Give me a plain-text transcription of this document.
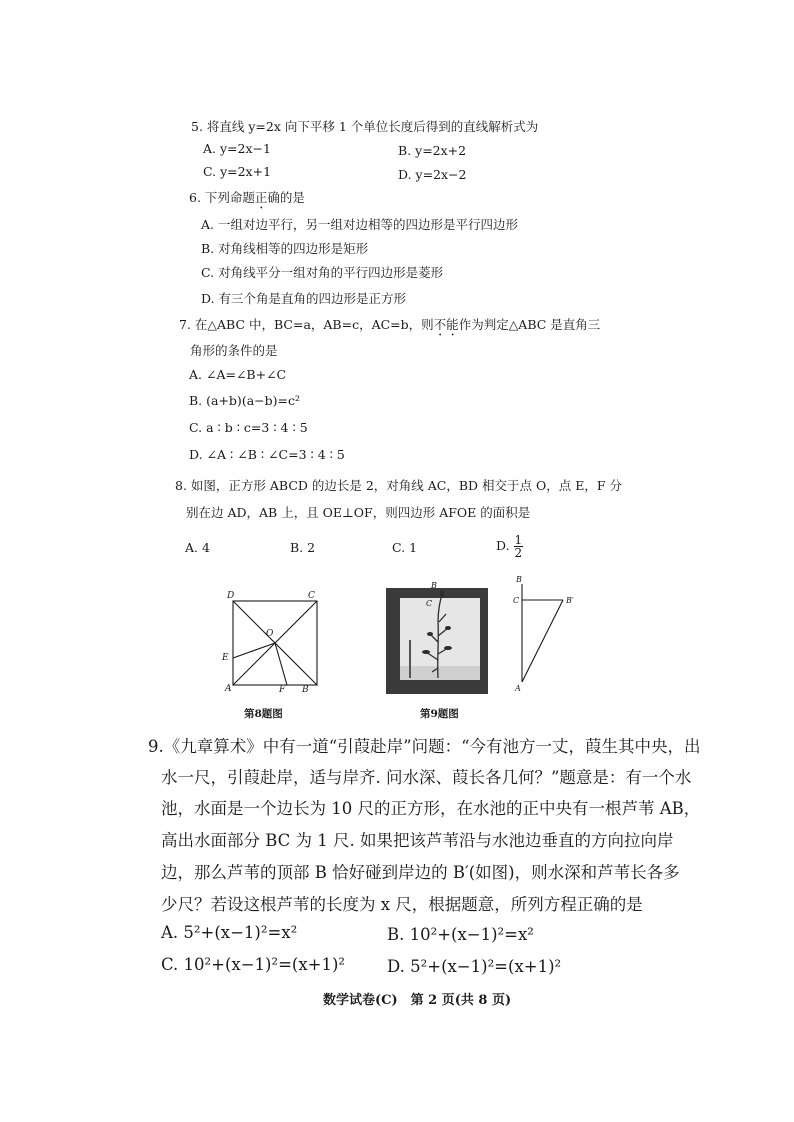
5. 将直线 y=2x 向下平移 1 个单位长度后得到的直线解析式为
A. y=2x−1	B. y=2x+2
C. y=2x+1	D. y=2x−2
6. 下列命题正确的是
A. 一组对边平行，另一组对边相等的四边形是平行四边形
B. 对角线相等的四边形是矩形
C. 对角线平分一组对角的平行四边形是菱形
D. 有三个角是直角的四边形是正方形
7. 在△ABC 中，BC=a，AB=c，AC=b，则不能作为判定△ABC 是直角三
角形的条件的是
A. ∠A=∠B+∠C
B. (a+b)(a−b)=c²
C. a ∶ b ∶ c=3 ∶ 4 ∶ 5
D. ∠A ∶ ∠B ∶ ∠C=3 ∶ 4 ∶ 5
8. 如图，正方形 ABCD 的边长是 2，对角线 AC，BD 相交于点 O，点 E，F 分
别在边 AD，AB 上，且 OE⊥OF，则四边形 AFOE 的面积是
A. 4	B. 2	C. 1	D. $\frac{1}{2}$
D	C
O
E
A	F B
第8题图
B
C
B
C	B′
A
第9题图
9.《九章算术》中有一道“引葭赴岸”问题：“今有池方一丈，葭生其中央，出
水一尺，引葭赴岸，适与岸齐. 问水深、葭长各几何？”题意是：有一个水
池，水面是一个边长为 10 尺的正方形，在水池的正中央有一根芦苇 AB，
高出水面部分 BC 为 1 尺. 如果把该芦苇沿与水池边垂直的方向拉向岸
边，那么芦苇的顶部 B 恰好碰到岸边的 B′(如图)，则水深和芦苇长各多
少尺？若设这根芦苇的长度为 x 尺，根据题意，所列方程正确的是
A. 5²+(x−1)²=x²	B. 10²+(x−1)²=x²
C. 10²+(x−1)²=(x+1)²	D. 5²+(x−1)²=(x+1)²
数学试卷(C)　第 2 页(共 8 页)
